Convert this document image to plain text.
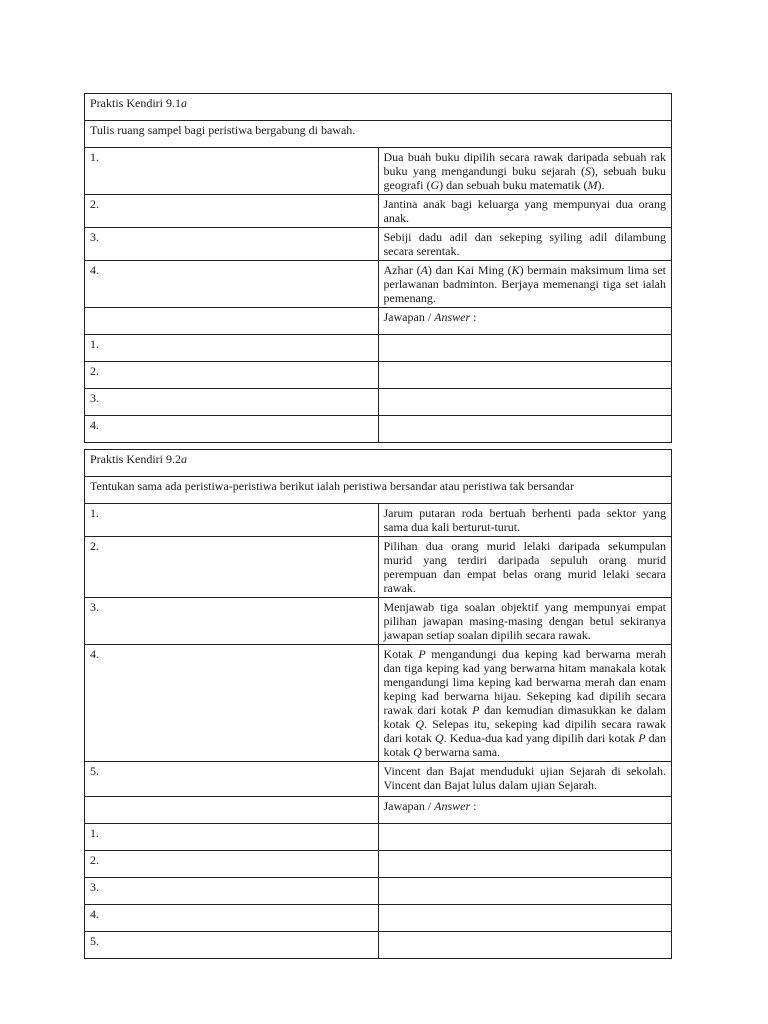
Praktis Kendiri 9.1a	
Tulis ruang sampel bagi peristiwa bergabung di bawah.	
1.	Dua buah buku dipilih secara rawak daripada sebuah rak buku yang mengandungi buku sejarah (S), sebuah buku geografi (G) dan sebuah buku matematik (M).
2.	Jantina anak bagi keluarga yang mempunyai dua orang anak.
3.	Sebiji dadu adil dan sekeping syiling adil dilambung secara serentak.
4.	Azhar (A) dan Kai Ming (K) bermain maksimum lima set perlawanan badminton. Berjaya memenangi tiga set ialah pemenang.
	Jawapan / Answer :
1.	
2.	
3.	
4.	
Praktis Kendiri 9.2a	
Tentukan sama ada peristiwa-peristiwa berikut ialah peristiwa bersandar atau peristiwa tak bersandar	
1.	Jarum putaran roda bertuah berhenti pada sektor yang sama dua kali berturut-turut.
2.	Pilihan dua orang murid lelaki daripada sekumpulan murid yang terdiri daripada sepuluh orang murid perempuan dan empat belas orang murid lelaki secara rawak.
3.	Menjawab tiga soalan objektif yang mempunyai empat pilihan jawapan masing-masing dengan betul sekiranya jawapan setiap soalan dipilih secara rawak.
4.	Kotak P mengandungi dua keping kad berwarna merah dan tiga keping kad yang berwarna hitam manakala kotak mengandungi lima keping kad berwarna merah dan enam keping kad berwarna hijau. Sekeping kad dipilih secara rawak dari kotak P dan kemudian dimasukkan ke dalam kotak Q. Selepas itu, sekeping kad dipilih secara rawak dari kotak Q. Kedua-dua kad yang dipilih dari kotak P dan kotak Q berwarna sama.
5.	Vincent dan Bajat menduduki ujian Sejarah di sekolah. Vincent dan Bajat lulus dalam ujian Sejarah.
	Jawapan / Answer :
1.	
2.	
3.	
4.	
5.	
